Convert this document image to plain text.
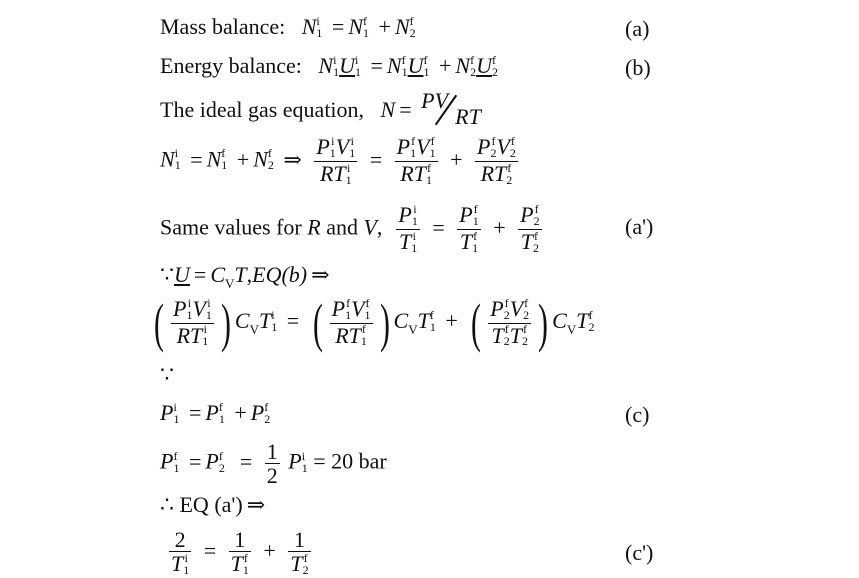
Mass balance: N i
1 = N f
1 + N f
2	(a)
Energy balance: N i
1 U i
1 = N f
1 U f
1 + N f
2 U f
2	(b)
The ideal gas equation, N = PV
RT
N i
1 = N f
1 + N f
2 ⇒ P i
1 V i
1
RT i
1 = P f
1 V f
1
RT f
1 + P f
2 V f
2
RT f
2
Same values for R and V, P i
1
T i
1 = P f
1
T f
1 + P f
2
T f
2	(a')
∵U = $C_VT,EQ(b)$ ⇒
( P i
1 V i
1
RT i
1 ) $C_VT$ i
1 = ( P f
1 V f
1
RT f
1 ) $C_VT$ f
1 + ( P f
2 V f
2
T f
2 T f
2 ) $C_VT$ f
2
∵
P i
1 = P f
1 + P f
2	(c)
P f
1 = P f
$2 = \frac{1}{2}$ P i
1 = 20 bar
∴ EQ (a') ⇒
2
T i
1 = 1
T f
1 + 1
T f
2	(c')
